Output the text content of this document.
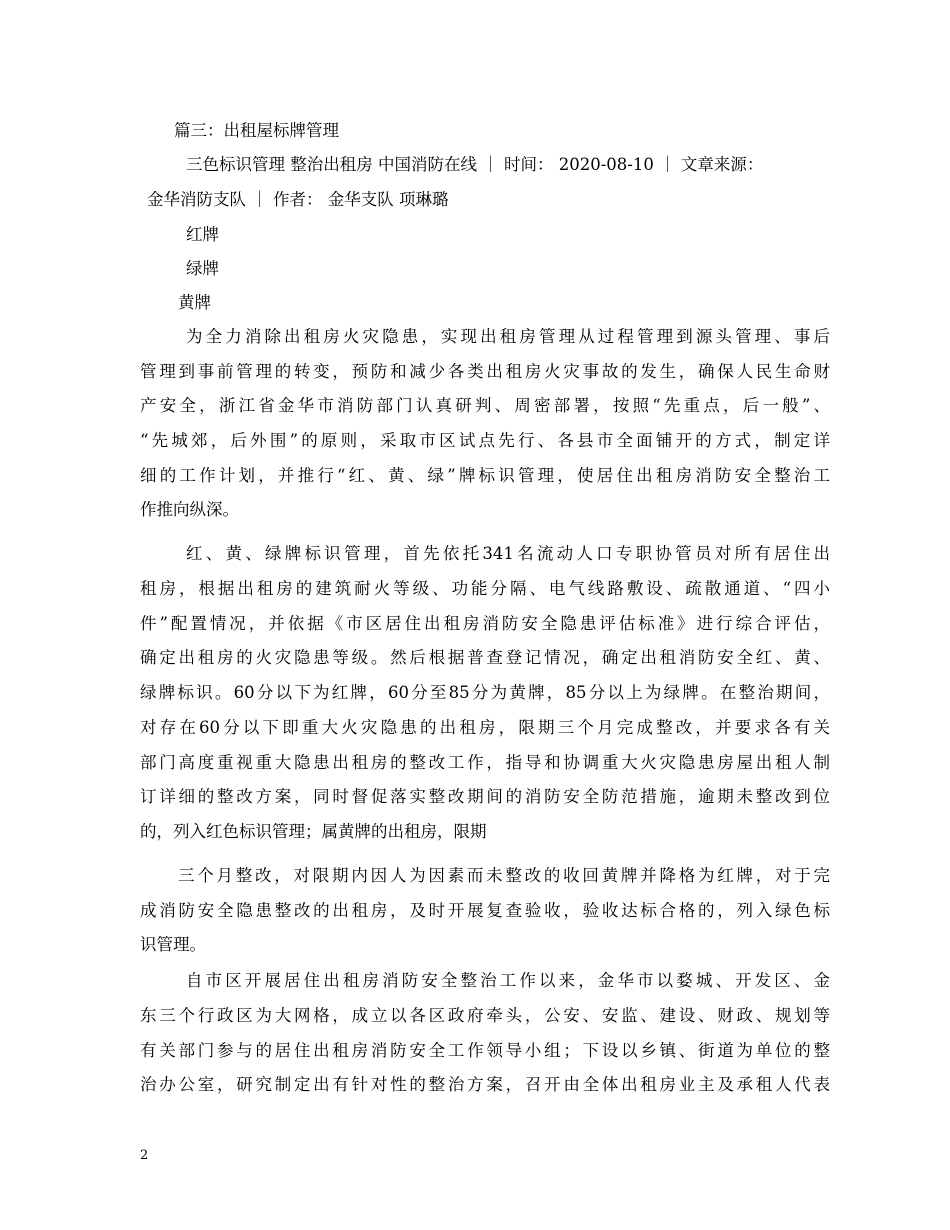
篇三：出租屋标牌管理
三色标识管理 整治出租房 中国消防在线 ｜ 时间： 2020-08-10 ｜ 文章来源：
金华消防支队 ｜ 作者： 金华支队 项琳璐
红牌
绿牌
黄牌
为全力消除出租房火灾隐患，实现出租房管理从过程管理到源头管理、事后
管理到事前管理的转变，预防和减少各类出租房火灾事故的发生，确保人民生命财
产安全，浙江省金华市消防部门认真研判、周密部署，按照“先重点，后一般”、
“先城郊，后外围”的原则，采取市区试点先行、各县市全面铺开的方式，制定详
细的工作计划，并推行“红、黄、绿”牌标识管理，使居住出租房消防安全整治工
作推向纵深。
红、黄、绿牌标识管理，首先依托341名流动人口专职协管员对所有居住出
租房，根据出租房的建筑耐火等级、功能分隔、电气线路敷设、疏散通道、“四小
件”配置情况，并依据《市区居住出租房消防安全隐患评估标准》进行综合评估，
确定出租房的火灾隐患等级。然后根据普查登记情况，确定出租消防安全红、黄、
绿牌标识。60分以下为红牌，60分至85分为黄牌，85分以上为绿牌。在整治期间，
对存在60分以下即重大火灾隐患的出租房，限期三个月完成整改，并要求各有关
部门高度重视重大隐患出租房的整改工作，指导和协调重大火灾隐患房屋出租人制
订详细的整改方案，同时督促落实整改期间的消防安全防范措施，逾期未整改到位
的，列入红色标识管理；属黄牌的出租房，限期
三个月整改，对限期内因人为因素而未整改的收回黄牌并降格为红牌，对于完
成消防安全隐患整改的出租房，及时开展复查验收，验收达标合格的，列入绿色标
识管理。
自市区开展居住出租房消防安全整治工作以来，金华市以婺城、开发区、金
东三个行政区为大网格，成立以各区政府牵头，公安、安监、建设、财政、规划等
有关部门参与的居住出租房消防安全工作领导小组；下设以乡镇、街道为单位的整
治办公室，研究制定出有针对性的整治方案，召开由全体出租房业主及承租人代表
2
